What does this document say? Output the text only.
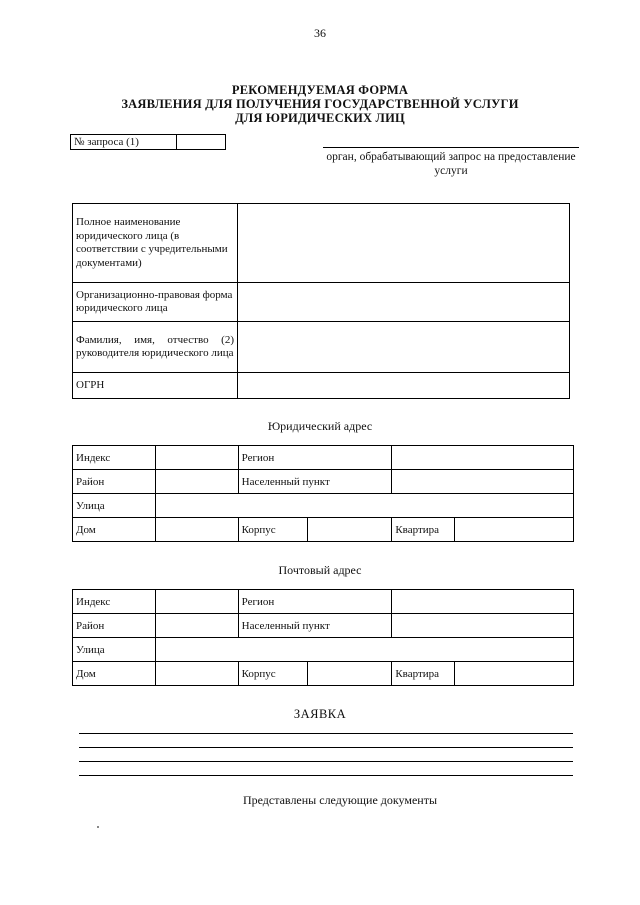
36
РЕКОМЕНДУЕМАЯ ФОРМА
ЗАЯВЛЕНИЯ ДЛЯ ПОЛУЧЕНИЯ ГОСУДАРСТВЕННОЙ УСЛУГИ
ДЛЯ ЮРИДИЧЕСКИХ ЛИЦ
№ запроса (1)
орган, обрабатывающий запрос на предоставление услуги
Полное наименование юридического лица (в соответствии с учредительными документами)	
Организационно-правовая форма юридического лица	
Фамилия, имя, отчество (2) руководителя юридического лица	
ОГРН	
Юридический адрес
Индекс		Регион			
Район		Населенный пункт			
Улица					
Дом		Корпус		Квартира	
Почтовый адрес
Индекс		Регион			
Район		Населенный пункт			
Улица					
Дом		Корпус		Квартира	
ЗАЯВКА
Представлены следующие документы
